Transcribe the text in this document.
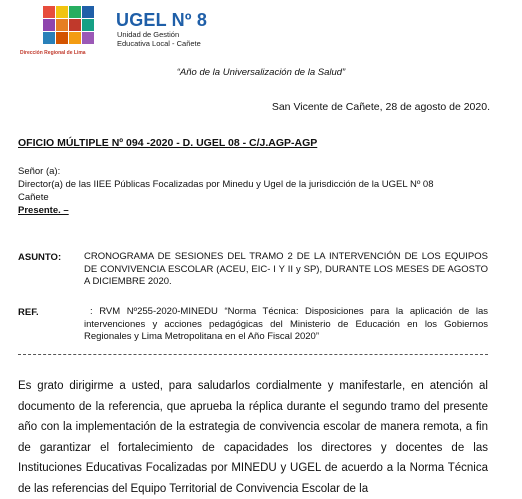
Dirección Regional de Lima
UGEL Nº 8
Unidad de Gestión
Educativa Local - Cañete
“Año de la Universalización de la Salud”
San Vicente de Cañete, 28 de agosto de 2020.
OFICIO MÚLTIPLE Nº 094 -2020 - D. UGEL 08 - C/J.AGP-AGP
Señor (a):
Director(a) de las IIEE Públicas Focalizadas por Minedu y Ugel de la jurisdicción de la UGEL Nº 08
Cañete
Presente. –
ASUNTO: CRONOGRAMA DE SESIONES DEL TRAMO 2 DE LA INTERVENCIÓN DE LOS EQUIPOS DE CONVIVENCIA ESCOLAR (ACEU, EIC- I Y II y SP), DURANTE LOS MESES DE AGOSTO A DICIEMBRE 2020.
REF.	: RVM Nº255-2020-MINEDU “Norma Técnica: Disposiciones para la aplicación de las intervenciones y acciones pedagógicas del Ministerio de Educación en los Gobiernos Regionales y Lima Metropolitana en el Año Fiscal 2020”
Es grato dirigirme a usted, para saludarlos cordialmente y manifestarle, en atención al documento de la referencia, que aprueba la réplica durante el segundo tramo del presente año con la implementación de la estrategia de convivencia escolar de manera remota, a fin de garantizar el fortalecimiento de capacidades los directores y docentes de las Instituciones Educativas Focalizadas por MINEDU y UGEL de acuerdo a la Norma Técnica de las referencias del Equipo Territorial de Convivencia Escolar de la
